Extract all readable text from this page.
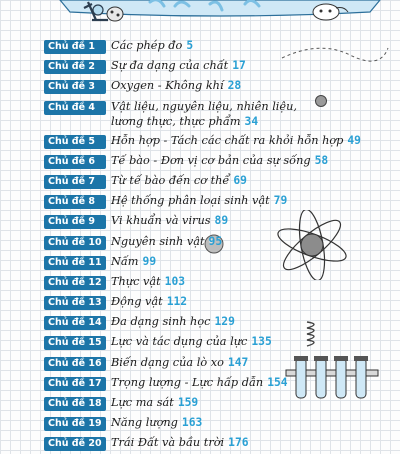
Chủ đề 1	Các phép đo 5
Chủ đề 2	Sự đa dạng của chất 17
Chủ đề 3	Oxygen - Không khí 28
Chủ đề 4	Vật liệu, nguyên liệu, nhiên liệu,
lương thực, thực phẩm 34
Chủ đề 5	Hỗn hợp - Tách các chất ra khỏi hỗn hợp 49
Chủ đề 6	Tế bào - Đơn vị cơ bản của sự sống 58
Chủ đề 7	Từ tế bào đến cơ thể 69
Chủ đề 8	Hệ thống phân loại sinh vật 79
Chủ đề 9	Vi khuẩn và virus 89
Chủ đề 10 Nguyên sinh vật 95
Chủ đề 11 Nấm 99
Chủ đề 12 Thực vật 103
Chủ đề 13 Động vật 112
Chủ đề 14 Đa dạng sinh học 129
Chủ đề 15 Lực và tác dụng của lực 135
Chủ đề 16 Biến dạng của lò xo 147
Chủ đề 17 Trọng lượng - Lực hấp dẫn 154
Chủ đề 18 Lực ma sát 159
Chủ đề 19 Năng lượng 163
Chủ đề 20 Trái Đất và bầu trời 176
